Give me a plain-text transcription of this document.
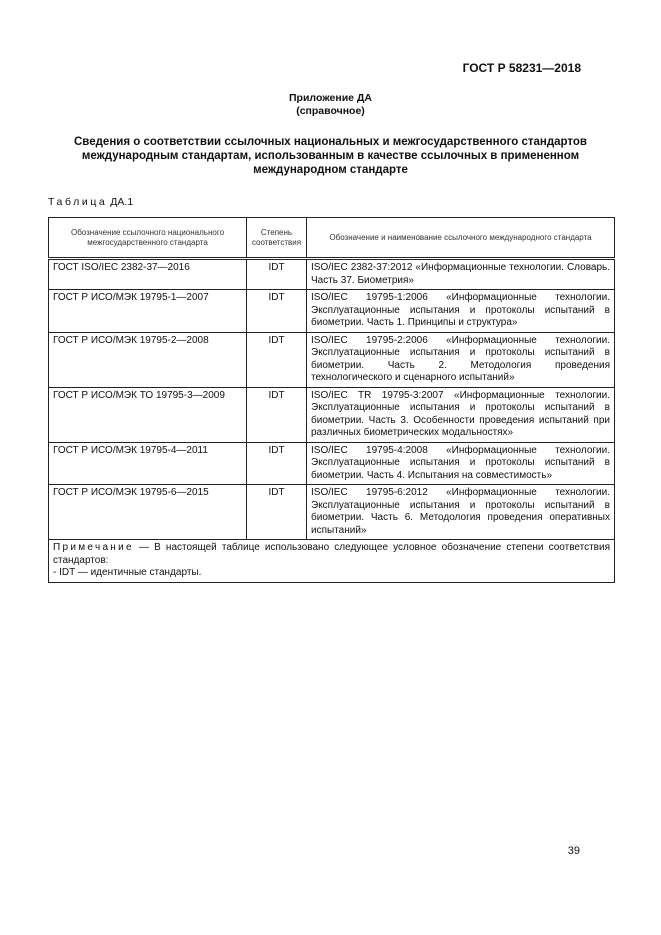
ГОСТ Р 58231—2018
Приложение ДА
(справочное)
Сведения о соответствии ссылочных национальных и межгосударственного стандартов
международным стандартам, использованным в качестве ссылочных в примененном
международном стандарте
Таблица ДА.1
Обозначение ссылочного национального межгосударственного стандарта	Степень соответствия	Обозначение и наименование ссылочного международного стандарта

ГОСТ ISO/IEC 2382-37—2016	IDT	ISO/IEC 2382-37:2012 «Информационные технологии. Словарь. Часть 37. Биометрия»
ГОСТ Р ИСО/МЭК 19795-1—2007	IDT	ISO/IEC 19795-1:2006 «Информационные технологии. Эксплуатационные испытания и протоколы испытаний в биометрии. Часть 1. Принципы и структура»
ГОСТ Р ИСО/МЭК 19795-2—2008	IDT	ISO/IEC 19795-2:2006 «Информационные технологии. Эксплуатационные испытания и протоколы испытаний в биометрии. Часть 2. Методология проведения технологического и сценарного испытаний»
ГОСТ Р ИСО/МЭК ТО 19795-3—2009	IDT	ISO/IEC TR 19795-3:2007 «Информационные технологии. Эксплуатационные испытания и протоколы испытаний в биометрии. Часть 3. Особенности проведения испытаний при различных биометрических модальностях»
ГОСТ Р ИСО/МЭК 19795-4—2011	IDT	ISO/IEC 19795-4:2008 «Информационные технологии. Эксплуатационные испытания и протоколы испытаний в биометрии. Часть 4. Испытания на совместимость»
ГОСТ Р ИСО/МЭК 19795-6—2015	IDT	ISO/IEC 19795-6:2012 «Информационные технологии. Эксплуатационные испытания и протоколы испытаний в биометрии. Часть 6. Методология проведения оперативных испытаний»

Примечание — В настоящей таблице использовано следующее условное обозначение степени соответствия стандартов:
- IDT — идентичные стандарты.		
39
